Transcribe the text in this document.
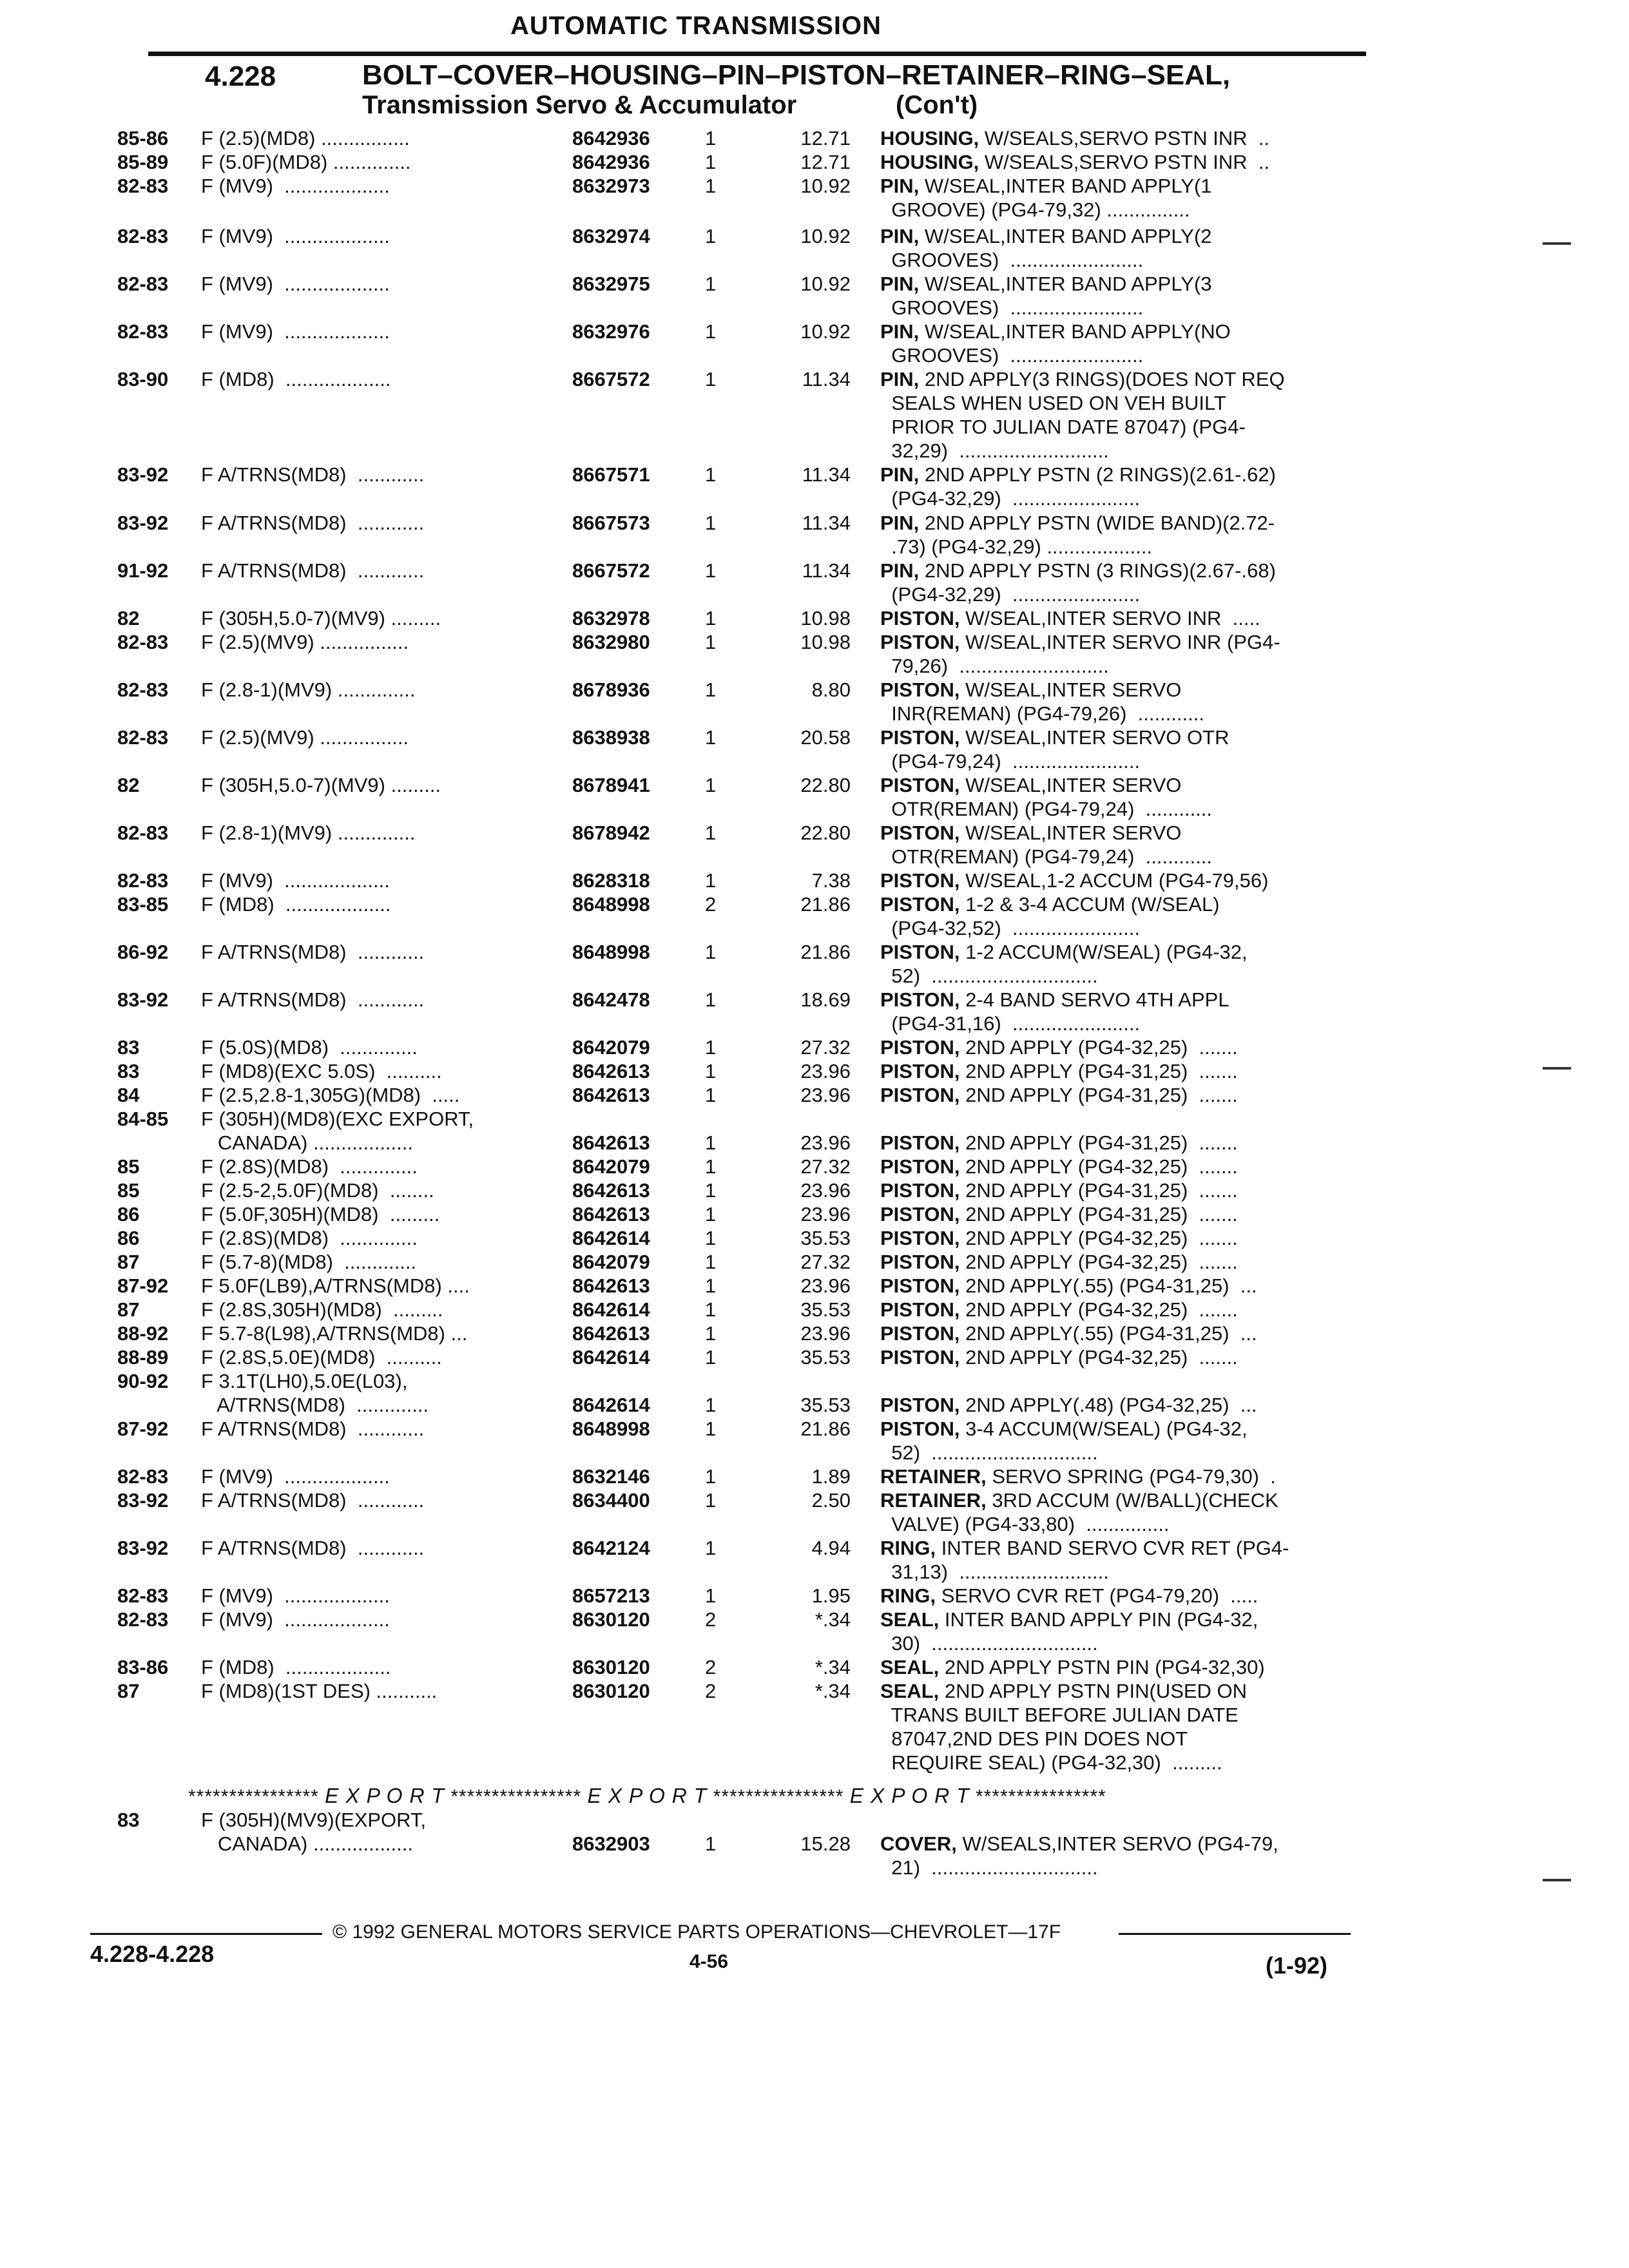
AUTOMATIC TRANSMISSION
4.228	BOLT–COVER–HOUSING–PIN–PISTON–RETAINER–RING–SEAL,
Transmission Servo & Accumulator	(Con't)
85-86 F (2.5)(MD8) ................	8642936	1	12.71 HOUSING, W/SEALS,SERVO PSTN INR  ..
85-89 F (5.0F)(MD8) ..............	8642936	1	12.71 HOUSING, W/SEALS,SERVO PSTN INR  ..
82-83 F (MV9)  ...................	8632973	1	10.92 PIN, W/SEAL,INTER BAND APPLY(1
GROOVE) (PG4-79,32) ...............
82-83 F (MV9)  ...................	8632974	1	10.92 PIN, W/SEAL,INTER BAND APPLY(2
GROOVES)  ........................
82-83 F (MV9)  ...................	8632975	1	10.92 PIN, W/SEAL,INTER BAND APPLY(3
GROOVES)  ........................
82-83 F (MV9)  ...................	8632976	1	10.92 PIN, W/SEAL,INTER BAND APPLY(NO
GROOVES)  ........................
83-90 F (MD8)  ...................	8667572	1	11.34 PIN, 2ND APPLY(3 RINGS)(DOES NOT REQ
SEALS WHEN USED ON VEH BUILT
PRIOR TO JULIAN DATE 87047) (PG4-
32,29)  ...........................
83-92 F A/TRNS(MD8)  ............	8667571	1	11.34 PIN, 2ND APPLY PSTN (2 RINGS)(2.61-.62)
(PG4-32,29)  .......................
83-92 F A/TRNS(MD8)  ............	8667573	1	11.34 PIN, 2ND APPLY PSTN (WIDE BAND)(2.72-
.73) (PG4-32,29) ...................
91-92 F A/TRNS(MD8)  ............	8667572	1	11.34 PIN, 2ND APPLY PSTN (3 RINGS)(2.67-.68)
(PG4-32,29)  .......................
82	F (305H,5.0-7)(MV9) .........	8632978	1	10.98 PISTON, W/SEAL,INTER SERVO INR  .....
82-83 F (2.5)(MV9) ................	8632980	1	10.98 PISTON, W/SEAL,INTER SERVO INR (PG4-
79,26)  ...........................
82-83 F (2.8-1)(MV9) ..............	8678936	1	8.80 PISTON, W/SEAL,INTER SERVO
INR(REMAN) (PG4-79,26)  ............
82-83 F (2.5)(MV9) ................	8638938	1	20.58 PISTON, W/SEAL,INTER SERVO OTR
(PG4-79,24)  .......................
82	F (305H,5.0-7)(MV9) .........	8678941	1	22.80 PISTON, W/SEAL,INTER SERVO
OTR(REMAN) (PG4-79,24)  ............
82-83 F (2.8-1)(MV9) ..............	8678942	1	22.80 PISTON, W/SEAL,INTER SERVO
OTR(REMAN) (PG4-79,24)  ............
82-83 F (MV9)  ...................	8628318	1	7.38 PISTON, W/SEAL,1-2 ACCUM (PG4-79,56)
83-85 F (MD8)  ...................	8648998	2	21.86 PISTON, 1-2 & 3-4 ACCUM (W/SEAL)
(PG4-32,52)  .......................
86-92 F A/TRNS(MD8)  ............	8648998	1	21.86 PISTON, 1-2 ACCUM(W/SEAL) (PG4-32,
52)  ..............................
83-92 F A/TRNS(MD8)  ............	8642478	1	18.69 PISTON, 2-4 BAND SERVO 4TH APPL
(PG4-31,16)  .......................
83	F (5.0S)(MD8)  ..............	8642079	1	27.32 PISTON, 2ND APPLY (PG4-32,25)  .......
83	F (MD8)(EXC 5.0S)  ..........	8642613	1	23.96 PISTON, 2ND APPLY (PG4-31,25)  .......
84	F (2.5,2.8-1,305G)(MD8)  .....	8642613	1	23.96 PISTON, 2ND APPLY (PG4-31,25)  .......
84-85 F (305H)(MD8)(EXC EXPORT,
CANADA) ..................	8642613	1	23.96 PISTON, 2ND APPLY (PG4-31,25)  .......
85	F (2.8S)(MD8)  ..............	8642079	1	27.32 PISTON, 2ND APPLY (PG4-32,25)  .......
85	F (2.5-2,5.0F)(MD8)  ........	8642613	1	23.96 PISTON, 2ND APPLY (PG4-31,25)  .......
86	F (5.0F,305H)(MD8)  .........	8642613	1	23.96 PISTON, 2ND APPLY (PG4-31,25)  .......
86	F (2.8S)(MD8)  ..............	8642614	1	35.53 PISTON, 2ND APPLY (PG4-32,25)  .......
87	F (5.7-8)(MD8)  .............	8642079	1	27.32 PISTON, 2ND APPLY (PG4-32,25)  .......
87-92 F 5.0F(LB9),A/TRNS(MD8) ....	8642613	1	23.96 PISTON, 2ND APPLY(.55) (PG4-31,25)  ...
87	F (2.8S,305H)(MD8)  .........	8642614	1	35.53 PISTON, 2ND APPLY (PG4-32,25)  .......
88-92 F 5.7-8(L98),A/TRNS(MD8) ...	8642613	1	23.96 PISTON, 2ND APPLY(.55) (PG4-31,25)  ...
88-89 F (2.8S,5.0E)(MD8)  ..........	8642614	1	35.53 PISTON, 2ND APPLY (PG4-32,25)  .......
90-92 F 3.1T(LH0),5.0E(L03),
A/TRNS(MD8)  .............	8642614	1	35.53 PISTON, 2ND APPLY(.48) (PG4-32,25)  ...
87-92 F A/TRNS(MD8)  ............	8648998	1	21.86 PISTON, 3-4 ACCUM(W/SEAL) (PG4-32,
52)  ..............................
82-83 F (MV9)  ...................	8632146	1	1.89 RETAINER, SERVO SPRING (PG4-79,30)  .
83-92 F A/TRNS(MD8)  ............	8634400	1	2.50 RETAINER, 3RD ACCUM (W/BALL)(CHECK
VALVE) (PG4-33,80)  ...............
83-92 F A/TRNS(MD8)  ............	8642124	1	4.94 RING, INTER BAND SERVO CVR RET (PG4-
31,13)  ...........................
82-83 F (MV9)  ...................	8657213	1	1.95 RING, SERVO CVR RET (PG4-79,20)  .....
82-83 F (MV9)  ...................	8630120	2	*.34 SEAL, INTER BAND APPLY PIN (PG4-32,
30)  ..............................
83-86 F (MD8)  ...................	8630120	2	*.34 SEAL, 2ND APPLY PSTN PIN (PG4-32,30)
87	F (MD8)(1ST DES) ...........	8630120	2	*.34 SEAL, 2ND APPLY PSTN PIN(USED ON
TRANS BUILT BEFORE JULIAN DATE
87047,2ND DES PIN DOES NOT
REQUIRE SEAL) (PG4-32,30)  .........
83	F (305H)(MV9)(EXPORT,
CANADA) ..................	8632903	1	15.28 COVER, W/SEALS,INTER SERVO (PG4-79,
21)  ..............................
**************** E X P O R T **************** E X P O R T **************** E X P O R T ****************
© 1992 GENERAL MOTORS SERVICE PARTS OPERATIONS—CHEVROLET—17F
4.228-4.228	4-56	(1-92)
